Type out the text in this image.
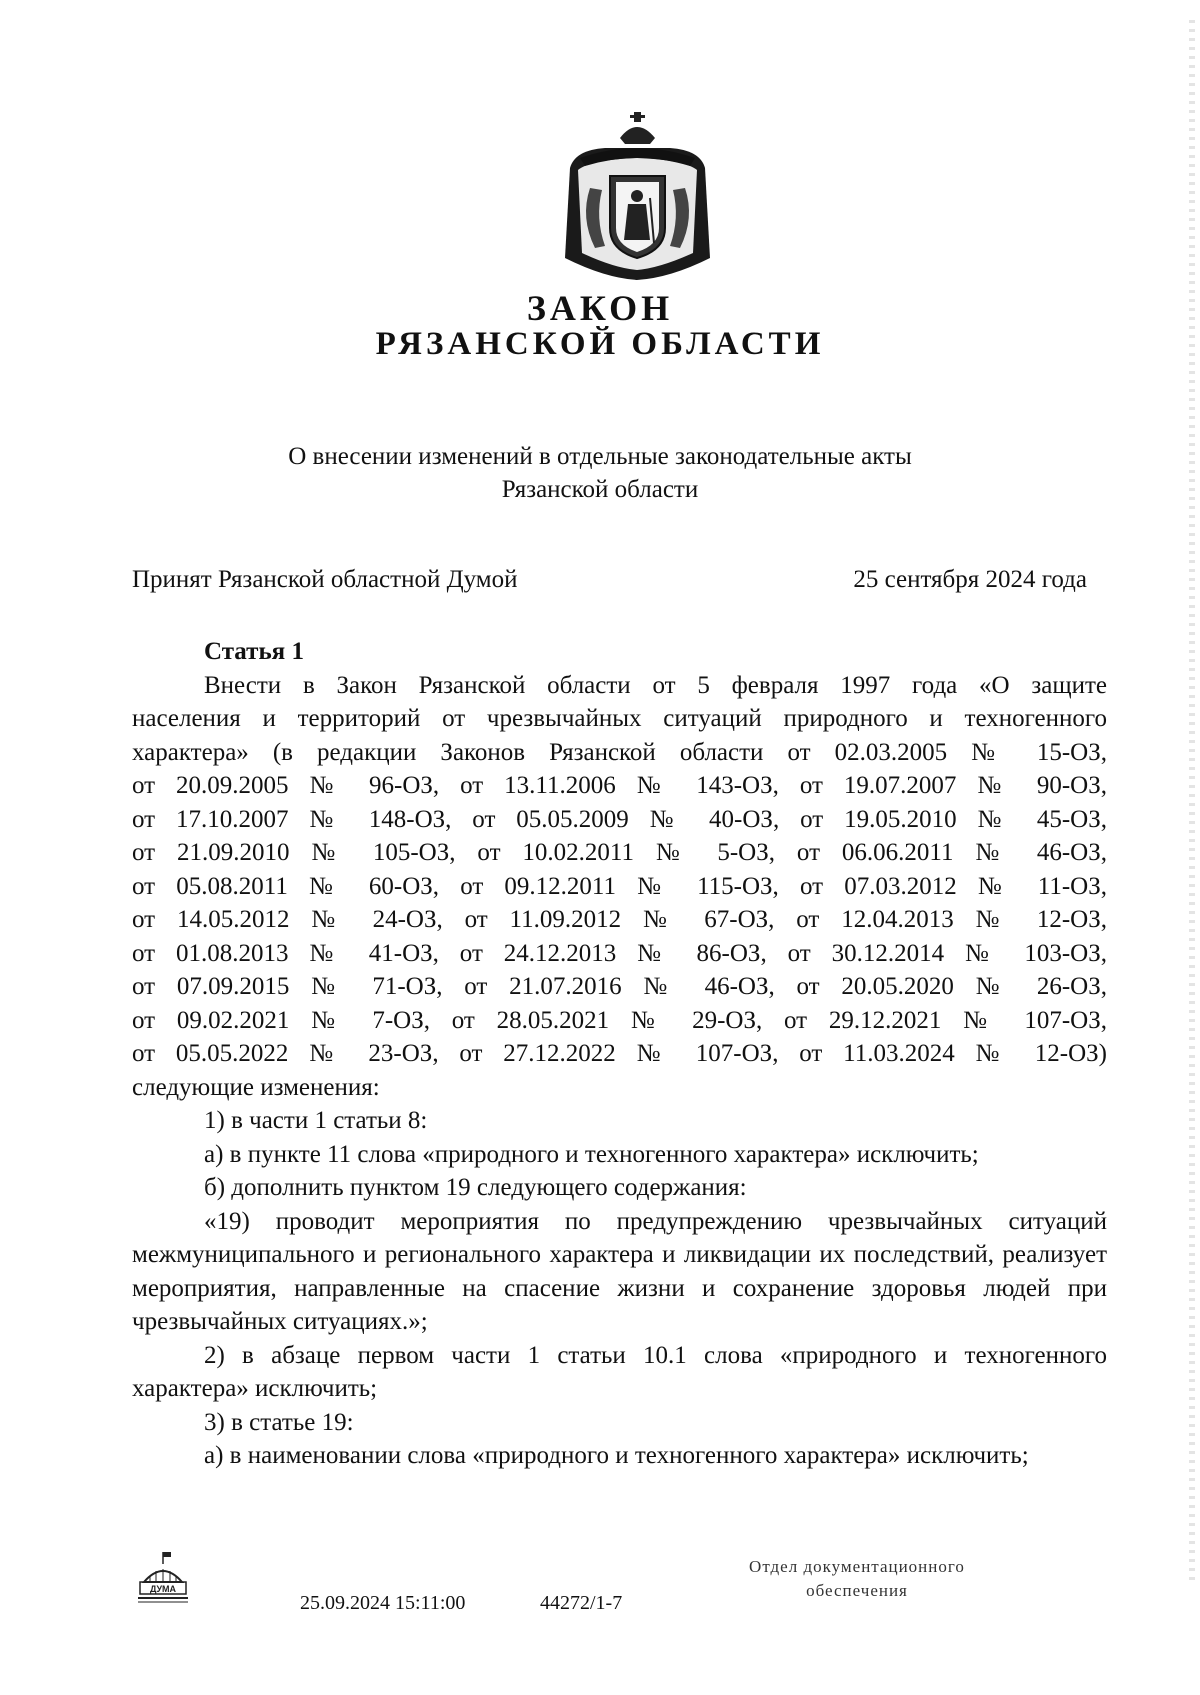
ЗАКОН
РЯЗАНСКОЙ ОБЛАСТИ
О внесении изменений в отдельные законодательные акты
Рязанской области
Принят Рязанской областной Думой	25 сентября 2024 года

Статья 1

Внести в Закон Рязанской области от 5 февраля 1997 года «О защите

населения и территорий от чрезвычайных ситуаций природного и техногенного

характера» (в редакции Законов Рязанской области от 02.03.2005 № 15-ОЗ,

от 20.09.2005 № 96-ОЗ, от 13.11.2006 № 143-ОЗ, от 19.07.2007 № 90-ОЗ,

от 17.10.2007 № 148-ОЗ, от 05.05.2009 № 40-ОЗ, от 19.05.2010 № 45-ОЗ,

от 21.09.2010 № 105-ОЗ, от 10.02.2011 № 5-ОЗ, от 06.06.2011 № 46-ОЗ,

от 05.08.2011 № 60-ОЗ, от 09.12.2011 № 115-ОЗ, от 07.03.2012 № 11-ОЗ,

от 14.05.2012 № 24-ОЗ, от 11.09.2012 № 67-ОЗ, от 12.04.2013 № 12-ОЗ,

от 01.08.2013 № 41-ОЗ, от 24.12.2013 № 86-ОЗ, от 30.12.2014 № 103-ОЗ,

от 07.09.2015 № 71-ОЗ, от 21.07.2016 № 46-ОЗ, от 20.05.2020 № 26-ОЗ,

от 09.02.2021 № 7-ОЗ, от 28.05.2021 № 29-ОЗ, от 29.12.2021 № 107-ОЗ,

от 05.05.2022 № 23-ОЗ, от 27.12.2022 № 107-ОЗ, от 11.03.2024 № 12-ОЗ)

следующие изменения:

1) в части 1 статьи 8:

а) в пункте 11 слова «природного и техногенного характера» исключить;

б) дополнить пунктом 19 следующего содержания:

«19) проводит мероприятия по предупреждению чрезвычайных ситуаций межмуниципального и регионального характера и ликвидации их последствий, реализует мероприятия, направленные на спасение жизни и сохранение здоровья людей при чрезвычайных ситуациях.»;

2) в абзаце первом части 1 статьи 10.1 слова «природного и техногенного характера» исключить;

3) в статье 19:

а) в наименовании слова «природного и техногенного характера» исключить;

ДУМА
25.09.2024 15:11:00	44272/1-7
Отдел документационного
обеспечения
